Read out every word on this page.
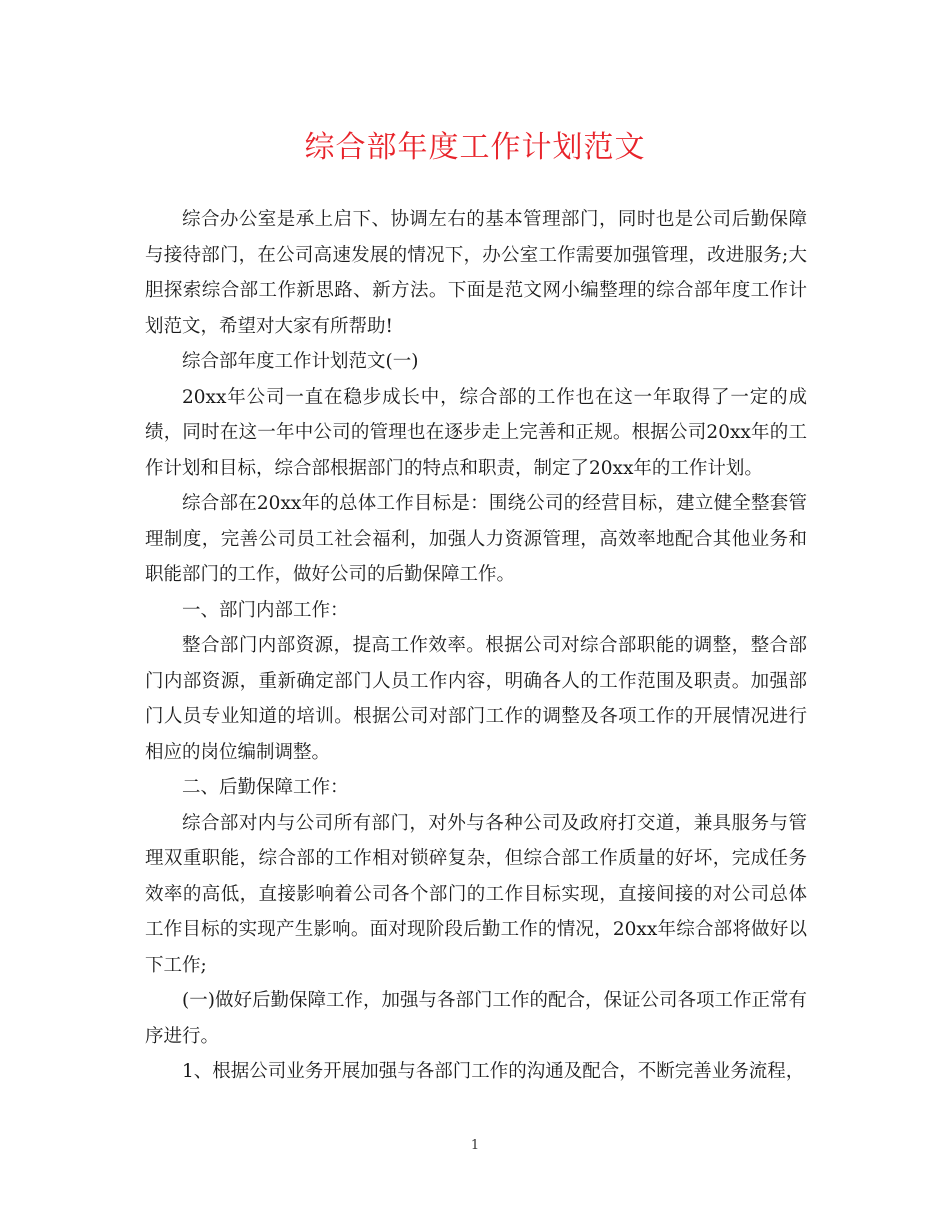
综合部年度工作计划范文

综合办公室是承上启下、协调左右的基本管理部门，同时也是公司后勤保障与接待部门，在公司高速发展的情况下，办公室工作需要加强管理，改进服务;大胆探索综合部工作新思路、新方法。下面是范文网小编整理的综合部年度工作计划范文，希望对大家有所帮助!

综合部年度工作计划范文(一)

20xx年公司一直在稳步成长中，综合部的工作也在这一年取得了一定的成绩，同时在这一年中公司的管理也在逐步走上完善和正规。根据公司20xx年的工作计划和目标，综合部根据部门的特点和职责，制定了20xx年的工作计划。

综合部在20xx年的总体工作目标是：围绕公司的经营目标，建立健全整套管理制度，完善公司员工社会福利，加强人力资源管理，高效率地配合其他业务和职能部门的工作，做好公司的后勤保障工作。

一、部门内部工作：

整合部门内部资源，提高工作效率。根据公司对综合部职能的调整，整合部门内部资源，重新确定部门人员工作内容，明确各人的工作范围及职责。加强部门人员专业知道的培训。根据公司对部门工作的调整及各项工作的开展情况进行相应的岗位编制调整。

二、后勤保障工作：

综合部对内与公司所有部门，对外与各种公司及政府打交道，兼具服务与管理双重职能，综合部的工作相对锁碎复杂，但综合部工作质量的好坏，完成任务效率的高低，直接影响着公司各个部门的工作目标实现，直接间接的对公司总体工作目标的实现产生影响。面对现阶段后勤工作的情况，20xx年综合部将做好以下工作;

(一)做好后勤保障工作，加强与各部门工作的配合，保证公司各项工作正常有序进行。

1、根据公司业务开展加强与各部门工作的沟通及配合，不断完善业务流程，

1
